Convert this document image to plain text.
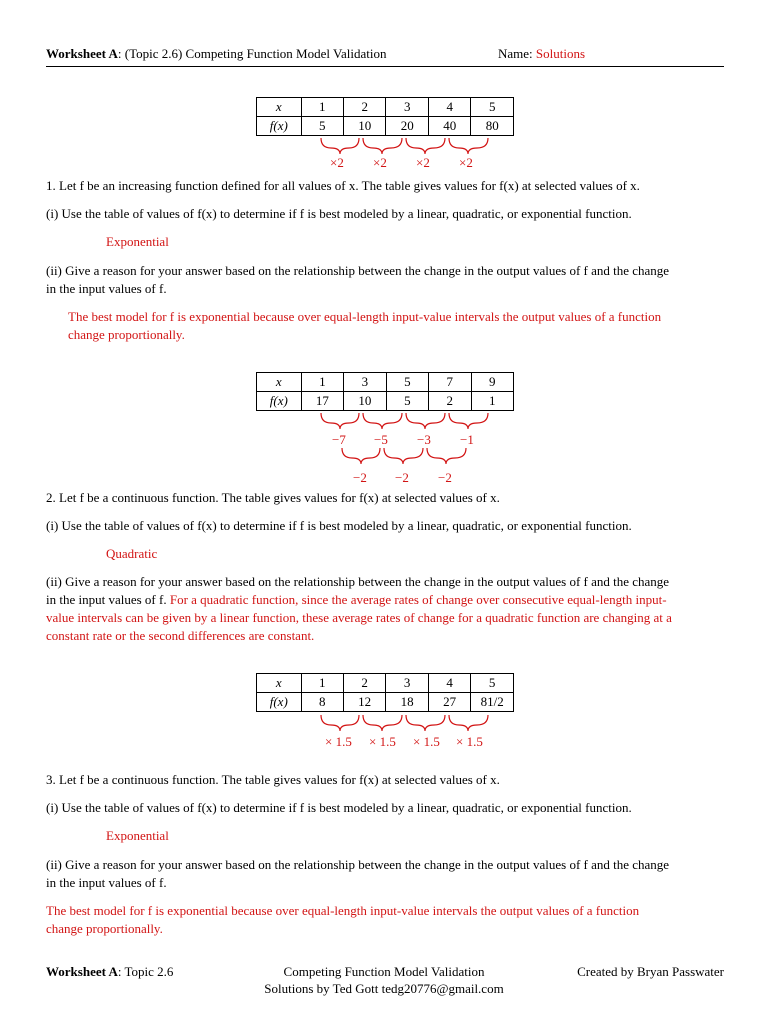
Worksheet A: (Topic 2.6) Competing Function Model Validation	Name: Solutions
x	1	2	3	4	5
f(x)	5	10	20	40	80
×2 ×2 ×2 ×2
1. Let f be an increasing function defined for all values of x. The table gives values for f(x) at selected values of x.
(i) Use the table of values of f(x) to determine if f is best modeled by a linear, quadratic, or exponential function.
Exponential
(ii) Give a reason for your answer based on the relationship between the change in the output values of f and the change
in the input values of f.
The best model for f is exponential because over equal-length input-value intervals the output values of a function
change proportionally.
x	1	3	5	7	9
f(x)	17	10	5	2	1
−7 −5 −3 −1
−2 −2 −2
2. Let f be a continuous function. The table gives values for f(x) at selected values of x.
(i) Use the table of values of f(x) to determine if f is best modeled by a linear, quadratic, or exponential function.
Quadratic
(ii) Give a reason for your answer based on the relationship between the change in the output values of f and the change
in the input values of f. For a quadratic function, since the average rates of change over consecutive equal-length input-
value intervals can be given by a linear function, these average rates of change for a quadratic function are changing at a
constant rate or the second differences are constant.
x	1	2	3	4	5
f(x)	8	12	18	27	81/2
× 1.5 × 1.5 × 1.5 × 1.5
3. Let f be a continuous function. The table gives values for f(x) at selected values of x.
(i) Use the table of values of f(x) to determine if f is best modeled by a linear, quadratic, or exponential function.
Exponential
(ii) Give a reason for your answer based on the relationship between the change in the output values of f and the change
in the input values of f.
The best model for f is exponential because over equal-length input-value intervals the output values of a function
change proportionally.
Worksheet A: Topic 2.6	Competing Function Model Validation
Solutions by Ted Gott tedg20776@gmail.com
Created by Bryan Passwater
